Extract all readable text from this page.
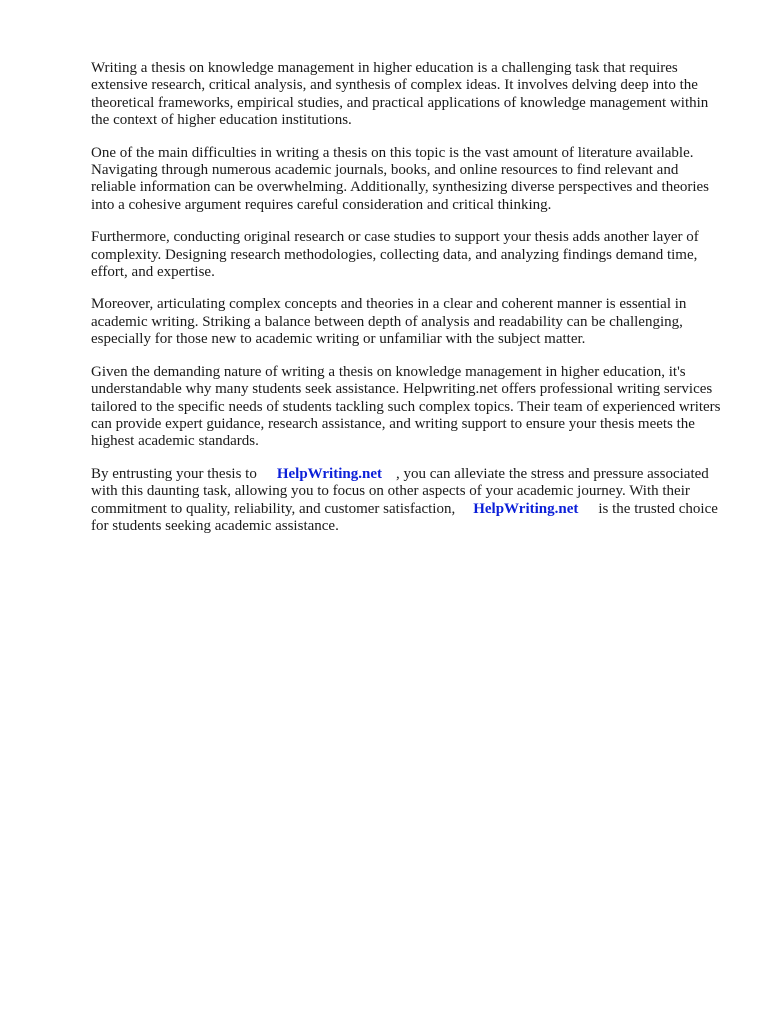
Writing a thesis on knowledge management in higher education is a challenging task that requires extensive research, critical analysis, and synthesis of complex ideas. It involves delving deep into the theoretical frameworks, empirical studies, and practical applications of knowledge management within the context of higher education institutions.

One of the main difficulties in writing a thesis on this topic is the vast amount of literature available. Navigating through numerous academic journals, books, and online resources to find relevant and reliable information can be overwhelming. Additionally, synthesizing diverse perspectives and theories into a cohesive argument requires careful consideration and critical thinking.

Furthermore, conducting original research or case studies to support your thesis adds another layer of complexity. Designing research methodologies, collecting data, and analyzing findings demand time, effort, and expertise.

Moreover, articulating complex concepts and theories in a clear and coherent manner is essential in academic writing. Striking a balance between depth of analysis and readability can be challenging, especially for those new to academic writing or unfamiliar with the subject matter.

Given the demanding nature of writing a thesis on knowledge management in higher education, it's understandable why many students seek assistance. Helpwriting.net offers professional writing services tailored to the specific needs of students tackling such complex topics. Their team of experienced writers can provide expert guidance, research assistance, and writing support to ensure your thesis meets the highest academic standards.

By entrusting your thesis to HelpWriting.net , you can alleviate the stress and pressure associated with this daunting task, allowing you to focus on other aspects of your academic journey. With their commitment to quality, reliability, and customer satisfaction, HelpWriting.net is the trusted choice for students seeking academic assistance.
